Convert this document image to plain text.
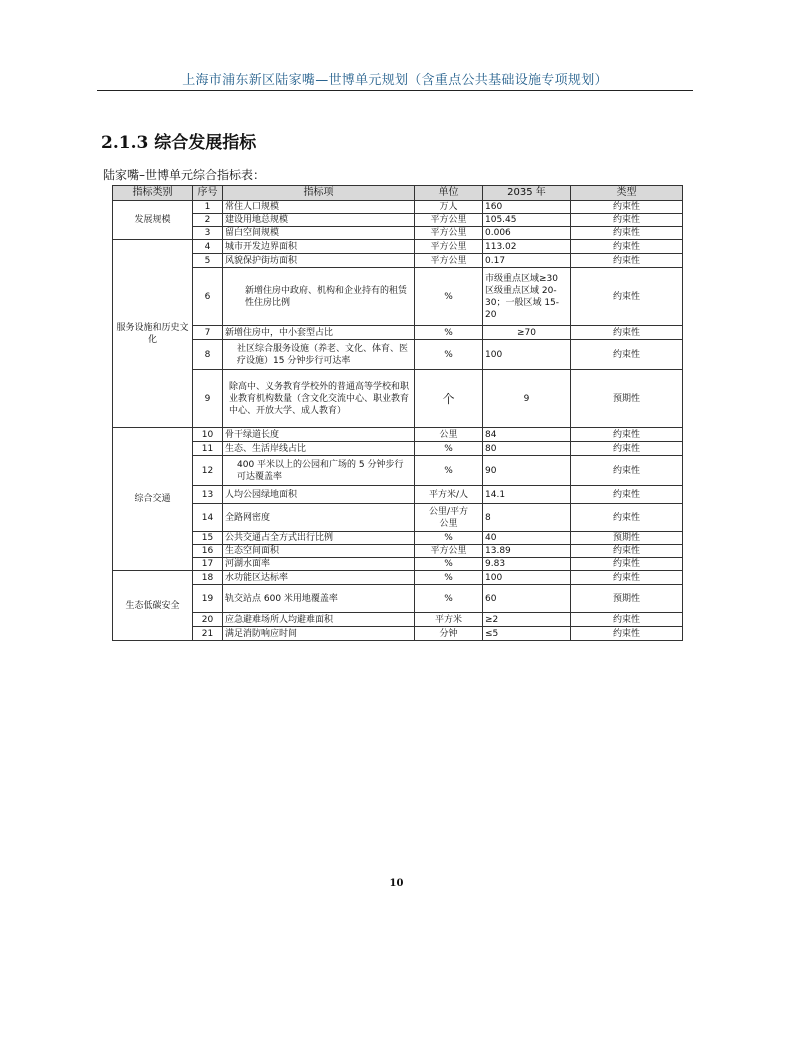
上海市浦东新区陆家嘴—世博单元规划（含重点公共基础设施专项规划）
2.1.3 综合发展指标
陆家嘴–世博单元综合指标表：
指标类别	序号	指标项	单位	2035 年	类型
发展规模	1	常住人口规模	万人	160	约束性
	2	建设用地总规模	平方公里	105.45	约束性
	3	留白空间规模	平方公里	0.006	约束性
服务设施和历史文化	4	城市开发边界面积	平方公里	113.02	约束性
	5	风貌保护街坊面积	平方公里	0.17	约束性
	6	新增住房中政府、机构和企业持有的租赁性住房比例	%	市级重点区域≥30 区级重点区域 20-30；一般区域 15-20	约束性
	7	新增住房中，中小套型占比	%	≥70	约束性
	8	社区综合服务设施（养老、文化、体育、医疗设施）15 分钟步行可达率	%	100	约束性
	9	除高中、义务教育学校外的普通高等学校和职业教育机构数量（含文化交流中心、职业教育中心、开放大学、成人教育）	个	9	预期性
综合交通	10	骨干绿道长度	公里	84	约束性
	11	生态、生活岸线占比	%	80	约束性
	12	400 平米以上的公园和广场的 5 分钟步行可达覆盖率	%	90	约束性
	13	人均公园绿地面积	平方米/人	14.1	约束性
	14	全路网密度	公里/平方公里	8	约束性
	15	公共交通占全方式出行比例	%	40	预期性
	16	生态空间面积	平方公里	13.89	约束性
	17	河湖水面率	%	9.83	约束性
生态低碳安全	18	水功能区达标率	%	100	约束性
	19	轨交站点 600 米用地覆盖率	%	60	预期性
	20	应急避难场所人均避难面积	平方米	≥2	约束性
	21	满足消防响应时间	分钟	≤5	约束性
10
